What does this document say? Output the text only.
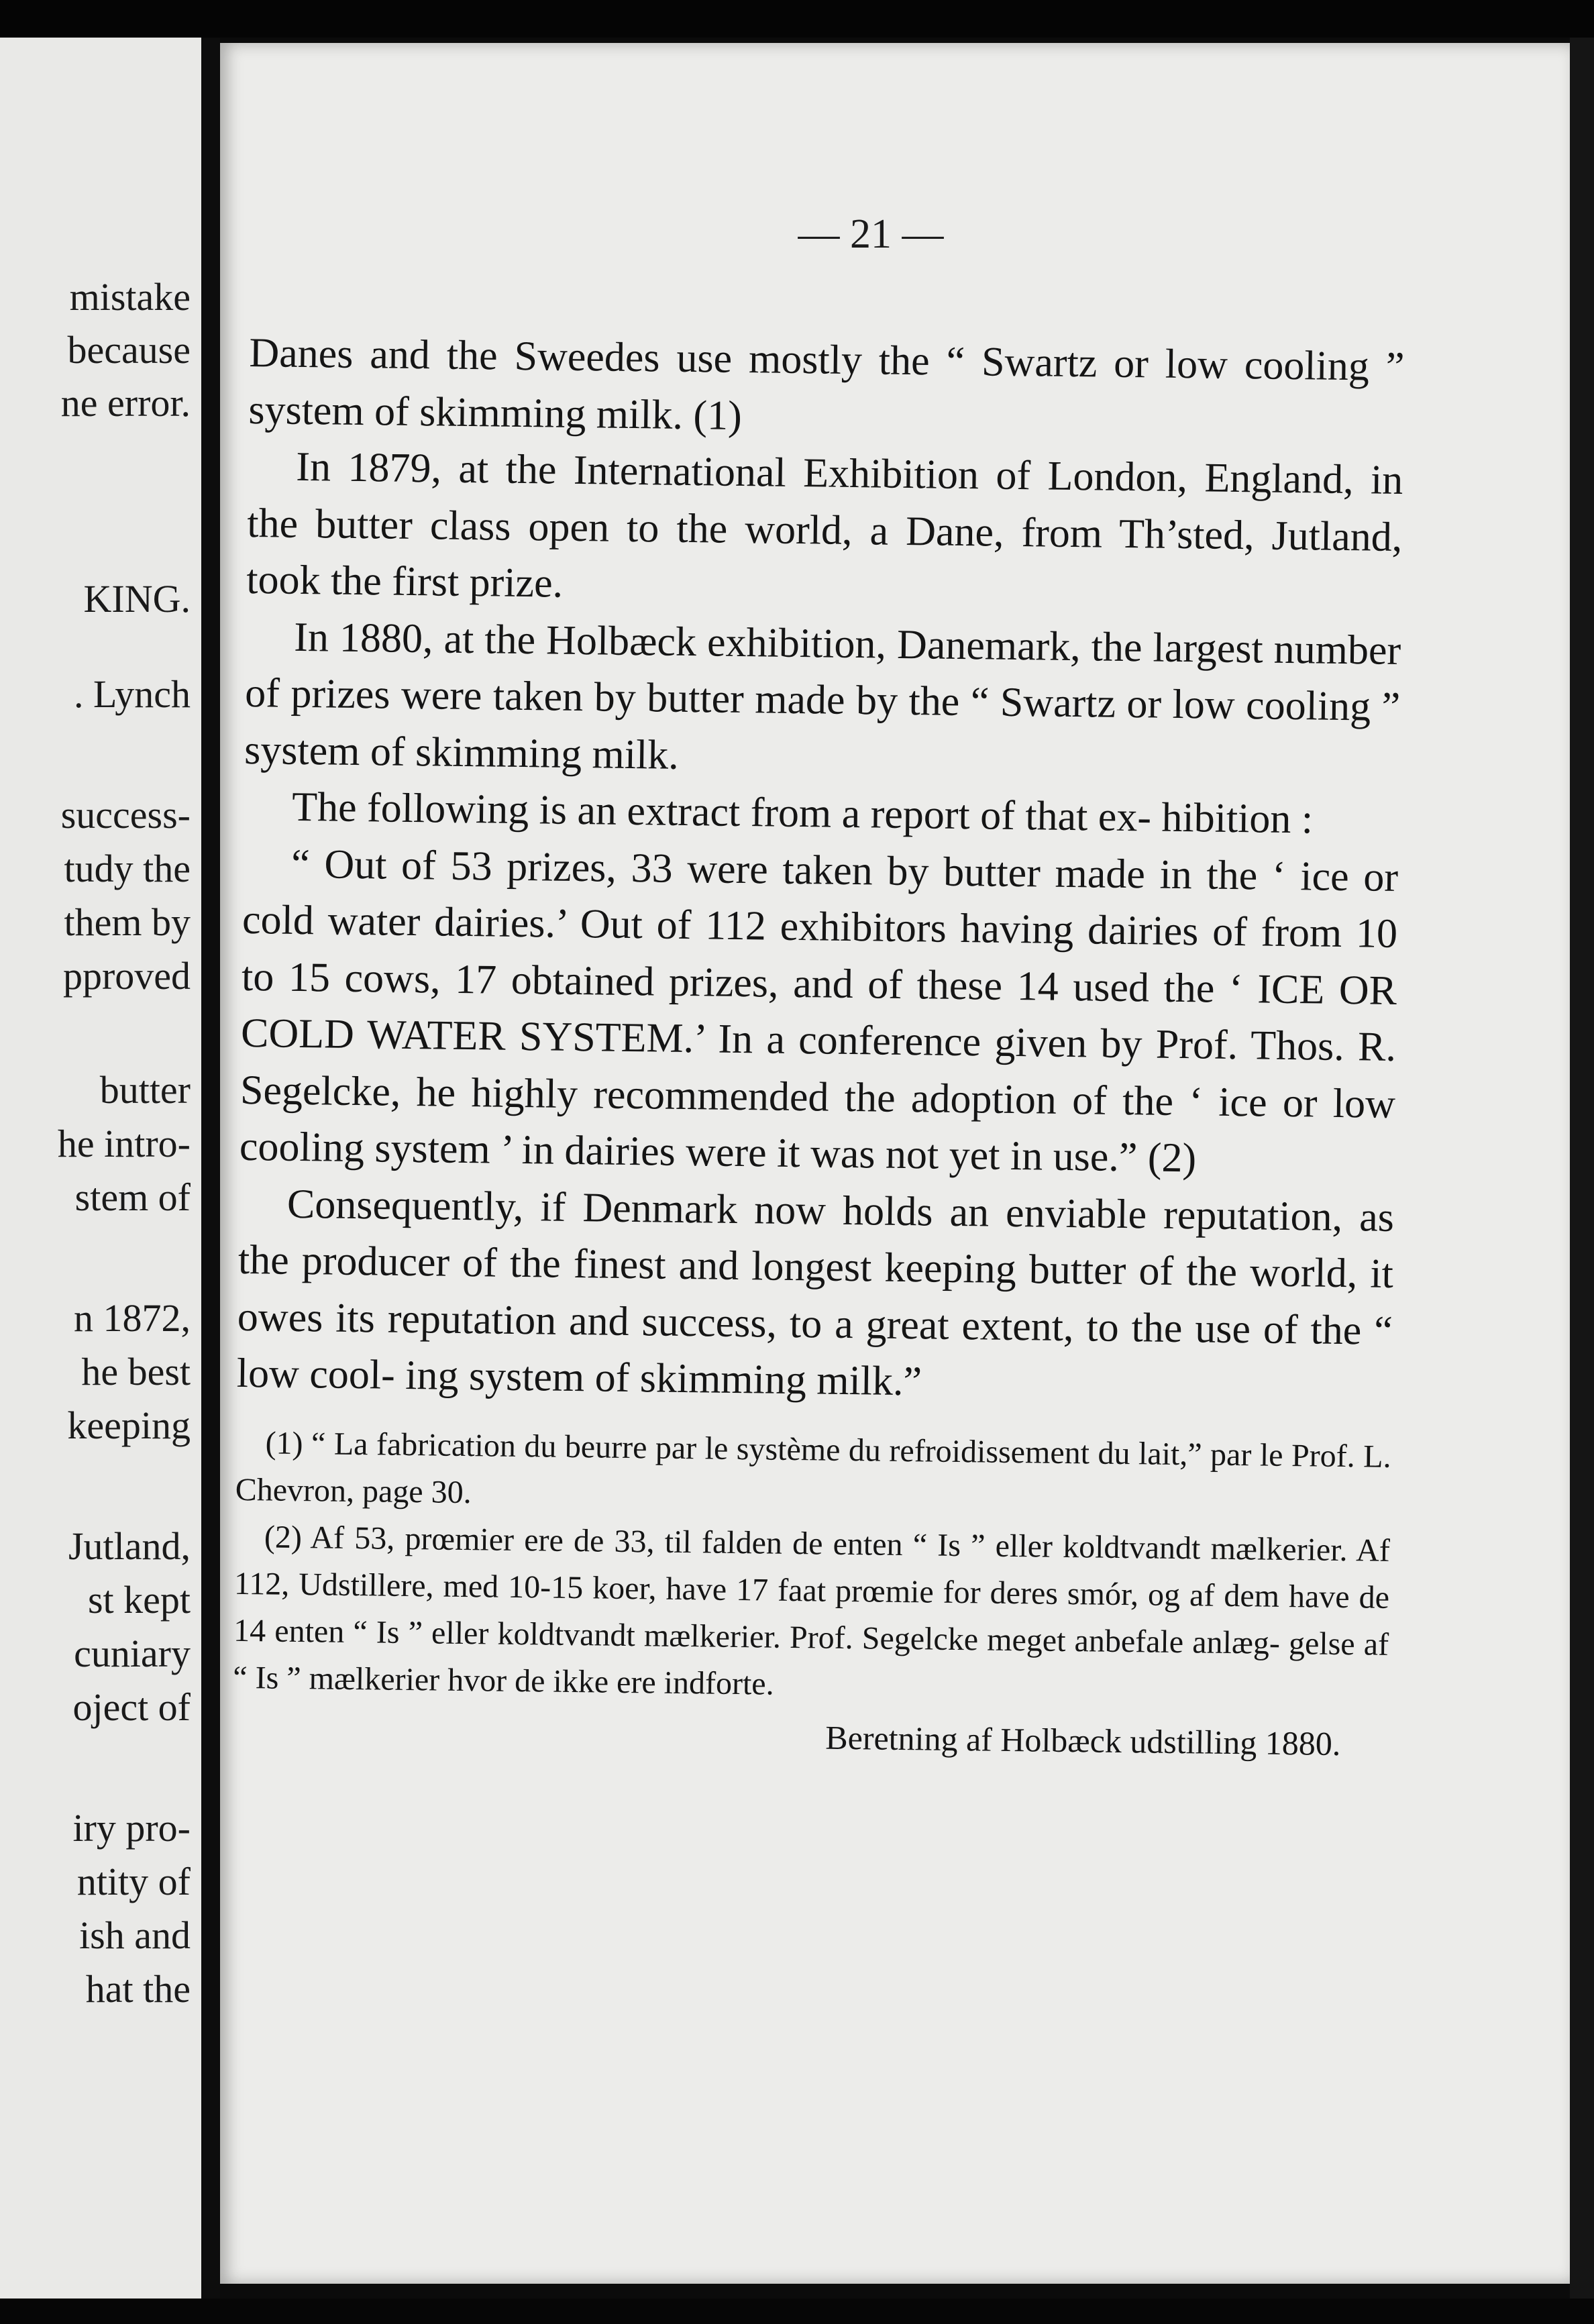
mistake
because
ne error.
KING.
. Lynch
success-
tudy the
them by
pproved
butter
he intro-
stem of
n 1872,
he best
keeping
Jutland,
st kept
cuniary
oject of
iry pro-
ntity of
ish and
hat the
— 21 —

Danes and the Sweedes use mostly the “ Swartz or low cooling ” system of skimming milk. (1)

In 1879, at the International Exhibition of London, England, in the butter class open to the world, a Dane, from Th’sted, Jutland, took the first prize.

In 1880, at the Holbæck exhibition, Danemark, the largest number of prizes were taken by butter made by the “ Swartz or low cooling ” system of skimming milk.

The following is an extract from a report of that ex- hibition :

“ Out of 53 prizes, 33 were taken by butter made in the ‘ ice or cold water dairies.’ Out of 112 exhibitors having dairies of from 10 to 15 cows, 17 obtained prizes, and of these 14 used the ‘ ICE OR COLD WATER SYSTEM.’ In a conference given by Prof. Thos. R. Segelcke, he highly recommended the adoption of the ‘ ice or low cooling system ’ in dairies were it was not yet in use.” (2)

Consequently, if Denmark now holds an enviable reputation, as the producer of the finest and longest keeping butter of the world, it owes its reputation and success, to a great extent, to the use of the “ low cool- ing system of skimming milk.”

(1) “ La fabrication du beurre par le système du refroidissement du lait,” par le Prof. L. Chevron, page 30.

(2) Af 53, prœmier ere de 33, til falden de enten “ Is ” eller koldtvandt mælkerier. Af 112, Udstillere, med 10-15 koer, have 17 faat prœmie for deres smór, og af dem have de 14 enten “ Is ” eller koldtvandt mælkerier. Prof. Segelcke meget anbefale anlæg- gelse af “ Is ” mælkerier hvor de ikke ere indforte.

Beretning af Holbæck udstilling 1880.
